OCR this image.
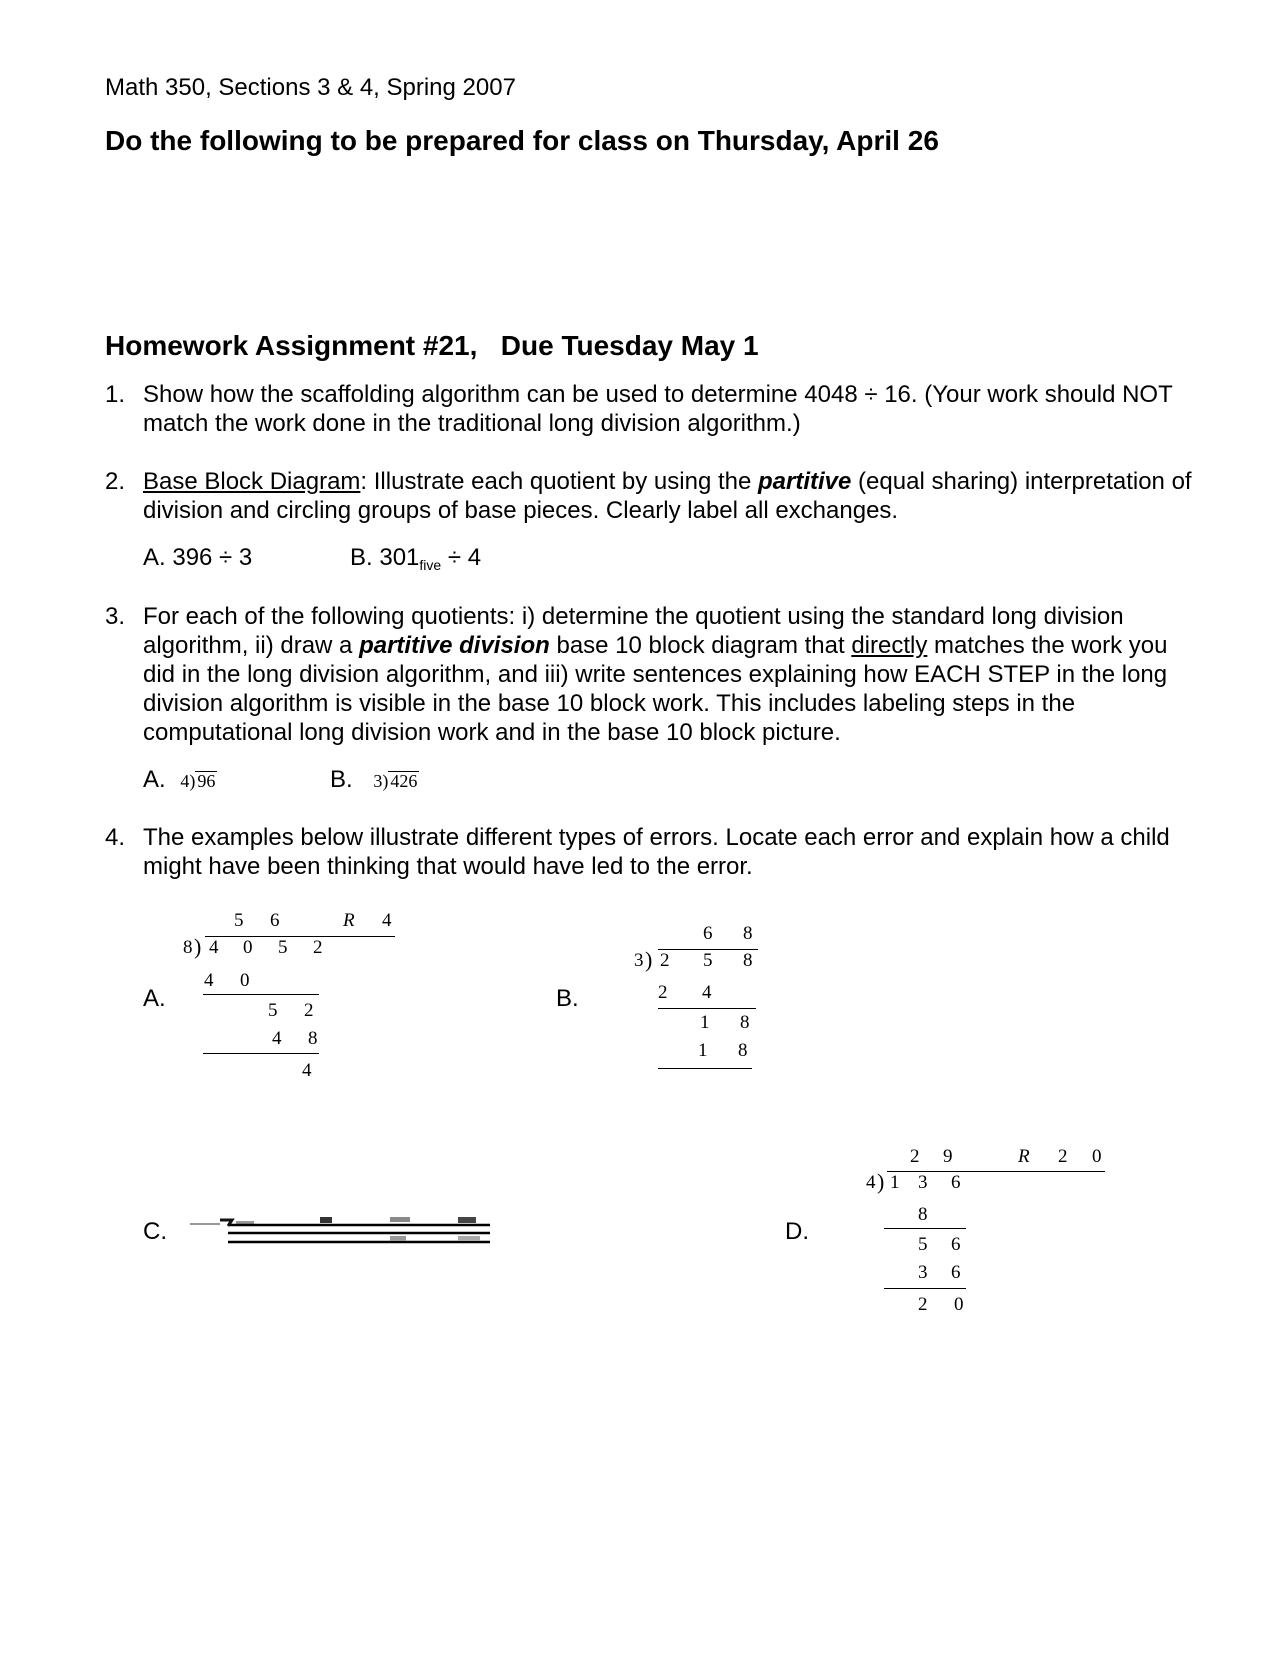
Math 350, Sections 3 & 4, Spring 2007
Do the following to be prepared for class on Thursday, April 26
Homework Assignment #21, Due Tuesday May 1
1. Show how the scaffolding algorithm can be used to determine 4048 ÷ 16. (Your work should NOT match the work done in the traditional long division algorithm.)
2. Base Block Diagram: Illustrate each quotient by using the partitive (equal sharing) interpretation of division and circling groups of base pieces. Clearly label all exchanges.
A. 396 ÷ 3	B. $301_{five} \div 4$
3. For each of the following quotients: i) determine the quotient using the standard long division algorithm, ii) draw a partitive division base 10 block diagram that directly matches the work you did in the long division algorithm, and iii) write sentences explaining how EACH STEP in the long division algorithm is visible in the base 10 block work. This includes labeling steps in the computational long division work and in the base 10 block picture.
A. 4) 96	B. 3) 426
4. The examples below illustrate different types of errors. Locate each error and explain how a child might have been thinking that would have led to the error.
A.
5 6	R 4
8 ) 4 0 5 2
4 0
5 2
4 8
4
B.
6 8
3 ) 2 5 8
2 4
1 8
1 8
C.	D.
2 9	R 2 0
4 ) 1 3 6
8
5 6
3 6
2 0
